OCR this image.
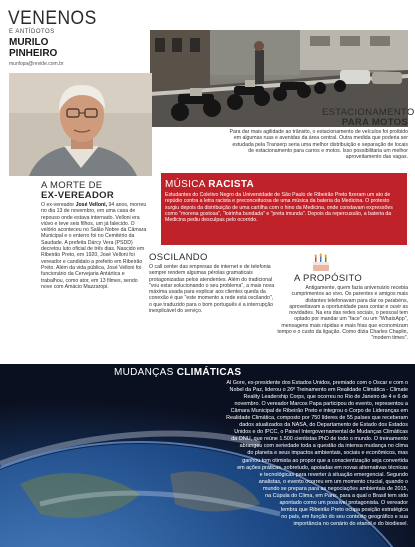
VENENOS
E ANTÍDOTOS
MURILO
PINHEIRO
murilopa@revide.com.br
ESTACIONAMENTO
PARA MOTOS
Para dar mais agilidade ao trânsito, o estacionamento de veículos foi proibido em algumas ruas e avenidas da área central. Outra medida que poderia ser estudada pela Transerp seria uma melhor distribuição e separação de locais de estacionamento para carros e motos. Isso possibilitaria um melhor aproveitamento das vagas.
MÚSICA RACISTA
Estudantes do Coletivo Negro da Universidade de São Paulo de Ribeirão Preto fizeram um ato de repúdio contra a letra racista e preconceituosa de uma música da bateria da Medicina. O protesto surgiu depois da distribuição de uma cartilha com o hino da Medicina, onde constavam expressões como "morena gostosa", "loirinha bundada" e "preta imunda". Depois da repercussão, a bateria da Medicina pediu desculpas pelo ocorrido.
A MORTE DE
EX-VEREADOR
O ex-vereador José Velloni, 94 anos, morreu no dia 13 de novembro, em uma casa de repouso onde estava internado. Velloni era viúvo e teve seis filhos, um já falecido. O velório aconteceu no Salão Nobre da Câmara Municipal e o enterro foi no Cemitério da Saudade. A prefeita Dárcy Vera (PSDD) decretou luto oficial de três dias. Nascido em Ribeirão Preto, em 1920, José Velloni foi vereador e candidato a prefeito em Ribeirão Preto. Além da vida pública, José Velloni foi funcionário da Cervejaria Antártica e trabalhou, como ator, em 13 filmes, sendo nove com Amácio Mazzaropi.
OSCILANDO
O call center das empresas de internet e de telefonia sempre rendem algumas pérolas gramaticais protagonizadas pelos atendentes. Além do tradicional "vou estar solucionando o seu problema", a mais nova máxima usada para explicar aos clientes queda da conexão é que "este momento a rede está oscilando", o que traduzido para o bom português é a interrupção inexplicável do serviço.
A PROPÓSITO
Antigamente, quem fazia aniversário recebia cumprimentos ao vivo. Os parentes e amigos mais distantes telefonavam para dar os parabéns, aproveitavam a oportunidade para contar e ouvir as novidades. Na era das redes sociais, o pessoal tem optado por mandar um "face" ou um "WhatsApp", mensagens mais rápidas e mais frias que economizam tempo e o custo da ligação. Como dizia Charles Chaplin, "modern times".
MUDANÇAS CLIMÁTICAS
Al Gore, ex-presidente dos Estados Unidos, premiado com o Oscar e com o
Nobel da Paz, liderou o 26º Treinamento em Realidade Climática - Climate
Reality Leadership Corps, que ocorreu no Rio de Janeiro de 4 e 6 de
novembro. O vereador Marcos Papa participou do evento, representou a
Câmara Municipal de Ribeirão Preto e integrou o Corpo de Lideranças em
Realidade Climática, composto por 750 líderes de 55 países que receberam
dados atualizados da NASA, do Departamento de Estado dos Estados
Unidos e do IPCC, o Painel Intergovernamental de Mudanças Climáticas
da ONU, que reúne 1.500 cientistas PhD de todo o mundo. O treinamento
abrangeu com seriedade toda a questão da intensa mudança no clima
do planeta e seus impactos ambientais, sociais e econômicos, mas
ganhou tom otimista ao propor que a conscientização seja convertida
em ações práticas, sobretudo, apoiadas em novas alternativas técnicas
e tecnológicas para reverter à situação emergencial. Segundo
analistas, o evento ocorreu em um momento crucial, quando o
mundo se prepara para as negociações ambientais de 2015,
na Cúpula do Clima, em Paris, para a qual o Brasil tem sido
apontado como um possível protagonista. O vereador
lembra que Ribeirão Preto ocupa posição estratégica
no país, em função do seu contexto geográfico e sua
importância no cenário do etanol e do biodiesel.
